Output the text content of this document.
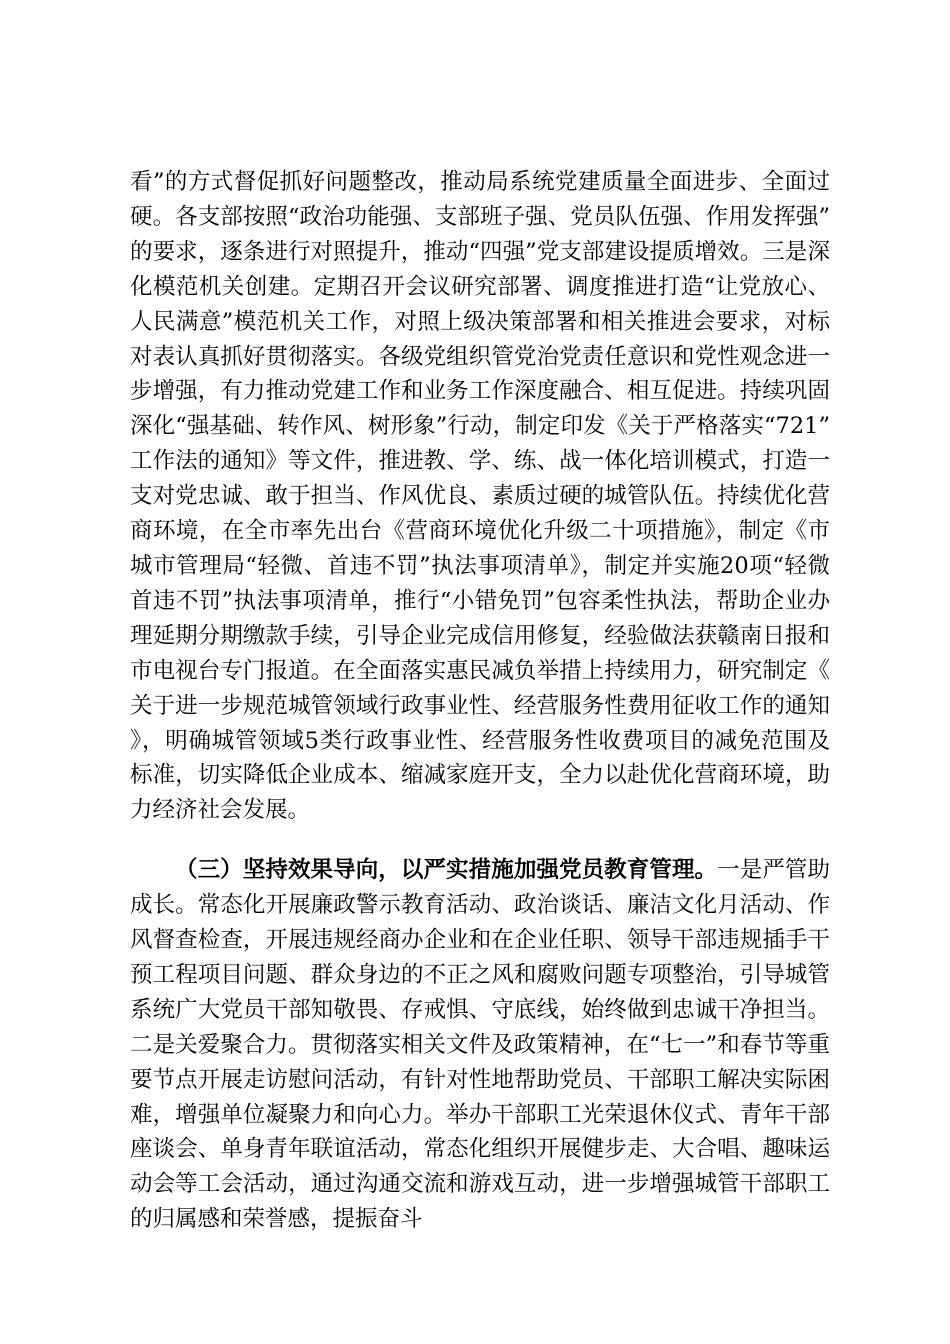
看”的方式督促抓好问题整改，推动局系统党建质量全面进步、全面过硬。各支部按照“政治功能强、支部班子强、党员队伍强、作用发挥强”的要求，逐条进行对照提升，推动“四强”党支部建设提质增效。三是深化模范机关创建。定期召开会议研究部署、调度推进打造“让党放心、人民满意”模范机关工作，对照上级决策部署和相关推进会要求，对标对表认真抓好贯彻落实。各级党组织管党治党责任意识和党性观念进一步增强，有力推动党建工作和业务工作深度融合、相互促进。持续巩固深化“强基础、转作风、树形象”行动，制定印发《关于严格落实“721”工作法的通知》等文件，推进教、学、练、战一体化培训模式，打造一支对党忠诚、敢于担当、作风优良、素质过硬的城管队伍。持续优化营商环境，在全市率先出台《营商环境优化升级二十项措施》，制定《市城市管理局“轻微、首违不罚”执法事项清单》，制定并实施20项“轻微首违不罚”执法事项清单，推行“小错免罚”包容柔性执法，帮助企业办理延期分期缴款手续，引导企业完成信用修复，经验做法获赣南日报和市电视台专门报道。在全面落实惠民减负举措上持续用力，研究制定《关于进一步规范城管领域行政事业性、经营服务性费用征收工作的通知》，明确城管领域5类行政事业性、经营服务性收费项目的减免范围及标准，切实降低企业成本、缩减家庭开支，全力以赴优化营商环境，助力经济社会发展。

（三）坚持效果导向，以严实措施加强党员教育管理。一是严管助成长。常态化开展廉政警示教育活动、政治谈话、廉洁文化月活动、作风督查检查，开展违规经商办企业和在企业任职、领导干部违规插手干预工程项目问题、群众身边的不正之风和腐败问题专项整治，引导城管系统广大党员干部知敬畏、存戒惧、守底线，始终做到忠诚干净担当。二是关爱聚合力。贯彻落实相关文件及政策精神，在“七一”和春节等重要节点开展走访慰问活动，有针对性地帮助党员、干部职工解决实际困难，增强单位凝聚力和向心力。举办干部职工光荣退休仪式、青年干部座谈会、单身青年联谊活动，常态化组织开展健步走、大合唱、趣味运动会等工会活动，通过沟通交流和游戏互动，进一步增强城管干部职工的归属感和荣誉感，提振奋斗
